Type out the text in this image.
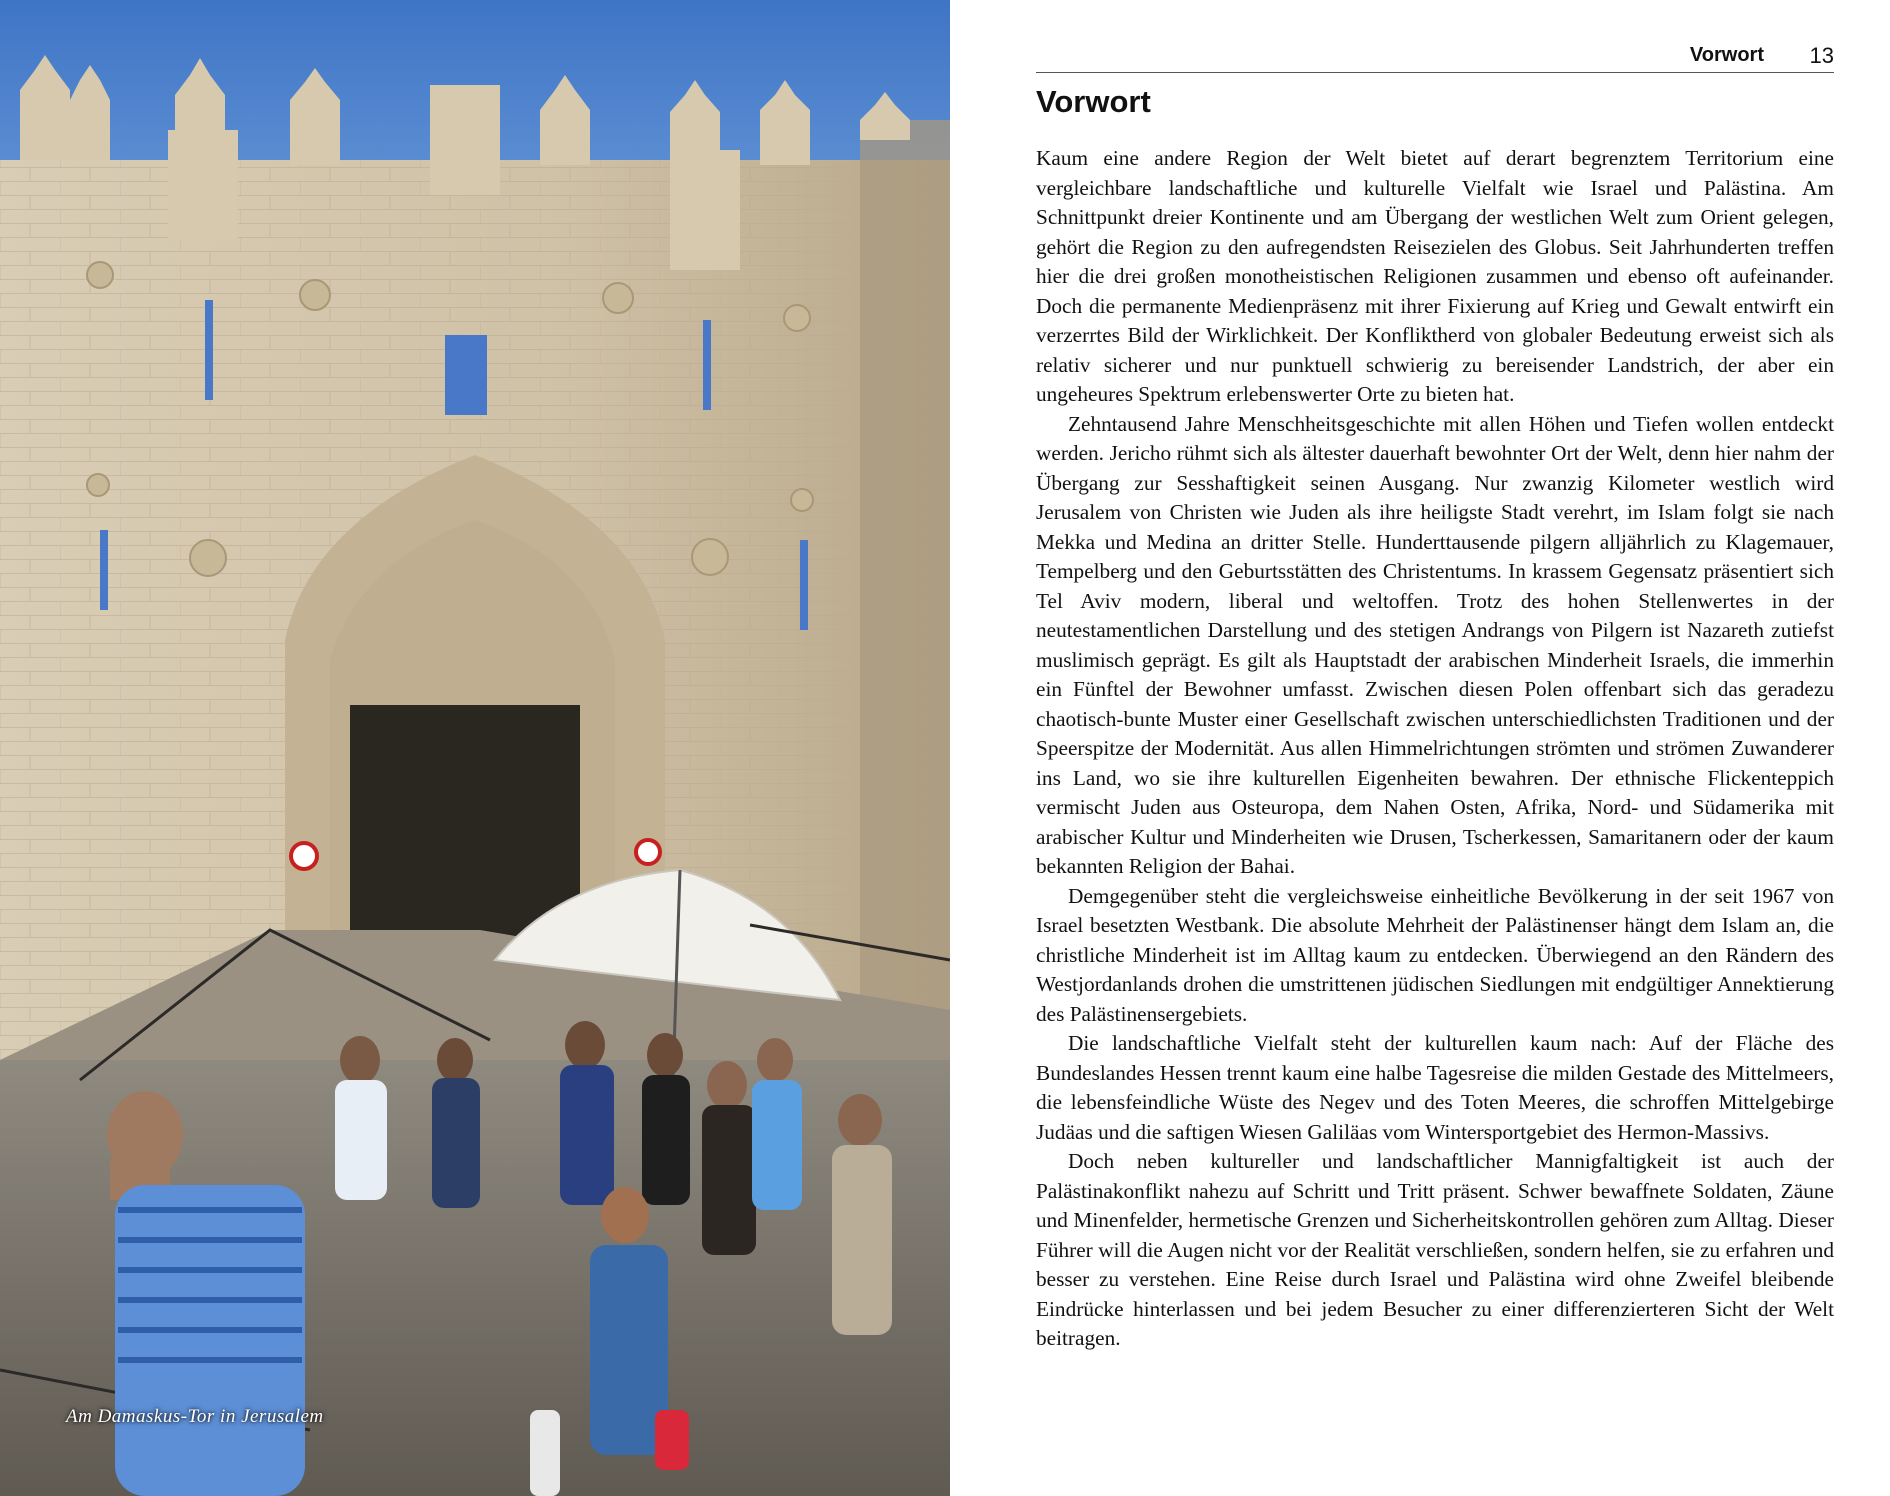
Am Damaskus-Tor in Jerusalem
Vorwort 13
Vorwort

Kaum eine andere Region der Welt bietet auf derart begrenztem Territorium eine vergleichbare landschaftliche und kulturelle Vielfalt wie Israel und Palästina. Am Schnittpunkt dreier Kontinente und am Übergang der westlichen Welt zum Orient gelegen, gehört die Region zu den aufregendsten Reisezielen des Globus. Seit Jahrhunderten treffen hier die drei großen monotheistischen Religionen zusammen und ebenso oft aufeinander. Doch die permanente Medienpräsenz mit ihrer Fixierung auf Krieg und Gewalt entwirft ein verzerrtes Bild der Wirklichkeit. Der Konfliktherd von globaler Bedeutung erweist sich als relativ sicherer und nur punktuell schwierig zu bereisender Landstrich, der aber ein ungeheures Spektrum erlebenswerter Orte zu bieten hat.

Zehntausend Jahre Menschheitsgeschichte mit allen Höhen und Tiefen wollen entdeckt werden. Jericho rühmt sich als ältester dauerhaft bewohnter Ort der Welt, denn hier nahm der Übergang zur Sesshaftigkeit seinen Ausgang. Nur zwanzig Kilometer westlich wird Jerusalem von Christen wie Juden als ihre heiligste Stadt verehrt, im Islam folgt sie nach Mekka und Medina an dritter Stelle. Hunderttausende pilgern alljährlich zu Klagemauer, Tempelberg und den Geburtsstätten des Christentums. In krassem Gegensatz präsentiert sich Tel Aviv modern, liberal und weltoffen. Trotz des hohen Stellenwertes in der neutestamentlichen Darstellung und des stetigen Andrangs von Pilgern ist Nazareth zutiefst muslimisch geprägt. Es gilt als Hauptstadt der arabischen Minderheit Israels, die immerhin ein Fünftel der Bewohner umfasst. Zwischen diesen Polen offenbart sich das geradezu chaotisch-bunte Muster einer Gesellschaft zwischen unterschiedlichsten Traditionen und der Speerspitze der Modernität. Aus allen Himmelrichtungen strömten und strömen Zuwanderer ins Land, wo sie ihre kulturellen Eigenheiten bewahren. Der ethnische Flickenteppich vermischt Juden aus Osteuropa, dem Nahen Osten, Afrika, Nord- und Südamerika mit arabischer Kultur und Minderheiten wie Drusen, Tscherkessen, Samaritanern oder der kaum bekannten Religion der Bahai.

Demgegenüber steht die vergleichsweise einheitliche Bevölkerung in der seit 1967 von Israel besetzten Westbank. Die absolute Mehrheit der Palästinenser hängt dem Islam an, die christliche Minderheit ist im Alltag kaum zu entdecken. Überwiegend an den Rändern des Westjordanlands drohen die umstrittenen jüdischen Siedlungen mit endgültiger Annektierung des Palästinensergebiets.

Die landschaftliche Vielfalt steht der kulturellen kaum nach: Auf der Fläche des Bundeslandes Hessen trennt kaum eine halbe Tagesreise die milden Gestade des Mittelmeers, die lebensfeindliche Wüste des Negev und des Toten Meeres, die schroffen Mittelgebirge Judäas und die saftigen Wiesen Galiläas vom Wintersportgebiet des Hermon-Massivs.

Doch neben kultureller und landschaftlicher Mannigfaltigkeit ist auch der Palästinakonflikt nahezu auf Schritt und Tritt präsent. Schwer bewaffnete Soldaten, Zäune und Minenfelder, hermetische Grenzen und Sicherheitskontrollen gehören zum Alltag. Dieser Führer will die Augen nicht vor der Realität verschließen, sondern helfen, sie zu erfahren und besser zu verstehen. Eine Reise durch Israel und Palästina wird ohne Zweifel bleibende Eindrücke hinterlassen und bei jedem Besucher zu einer differenzierteren Sicht der Welt beitragen.
